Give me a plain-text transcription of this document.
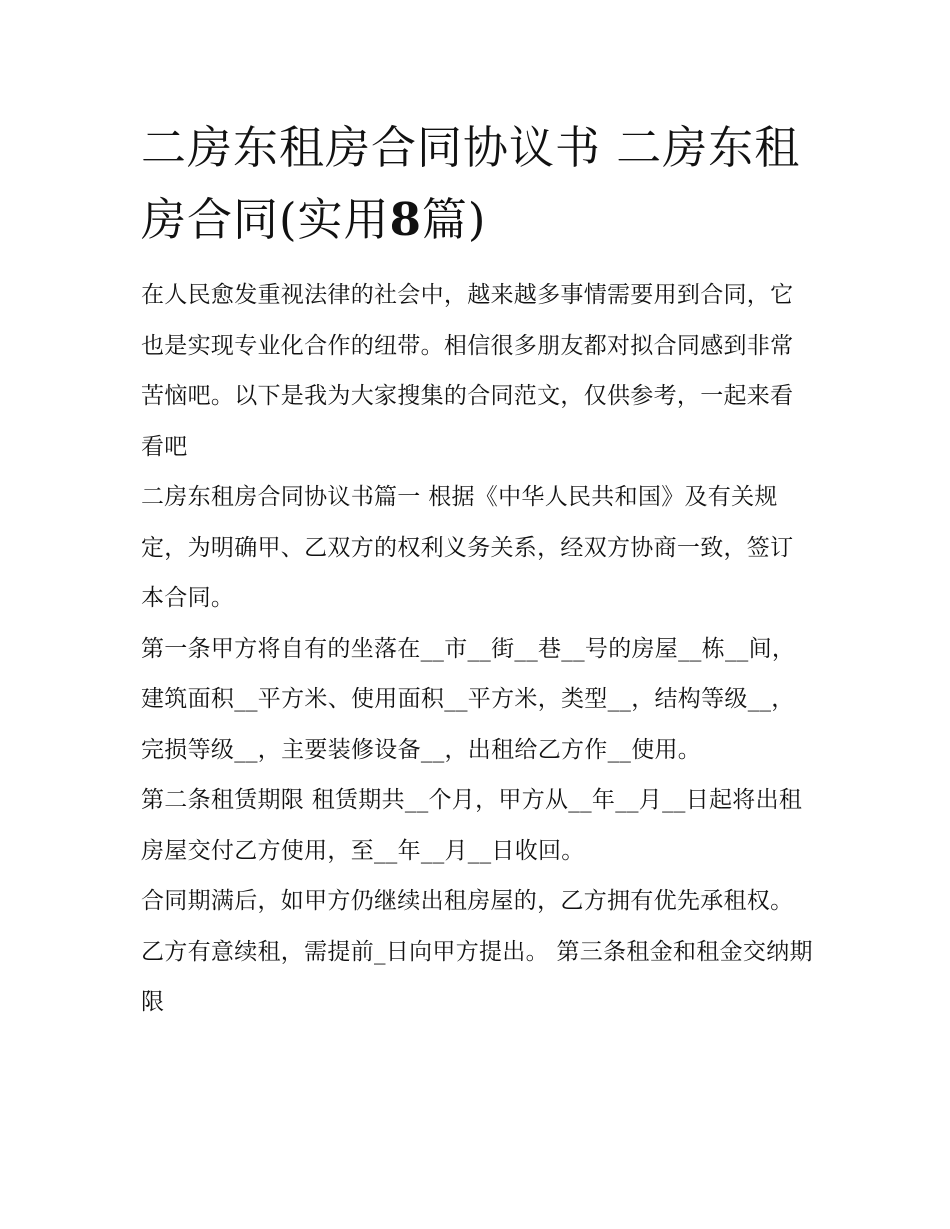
二房东租房合同协议书 二房东租房合同(实用8篇)

在人民愈发重视法律的社会中，越来越多事情需要用到合同，它也是实现专业化合作的纽带。相信很多朋友都对拟合同感到非常苦恼吧。以下是我为大家搜集的合同范文，仅供参考，一起来看看吧

二房东租房合同协议书篇一 根据《中华人民共和国》及有关规定，为明确甲、乙双方的权利义务关系，经双方协商一致，签订本合同。

第一条甲方将自有的坐落在__市__街__巷__号的房屋__栋__间，建筑面积__平方米、使用面积__平方米，类型__，结构等级__，完损等级__，主要装修设备__，出租给乙方作__使用。

第二条租赁期限 租赁期共__个月，甲方从__年__月__日起将出租房屋交付乙方使用，至__年__月__日收回。

合同期满后，如甲方仍继续出租房屋的，乙方拥有优先承租权。乙方有意续租，需提前_日向甲方提出。 第三条租金和租金交纳期限
